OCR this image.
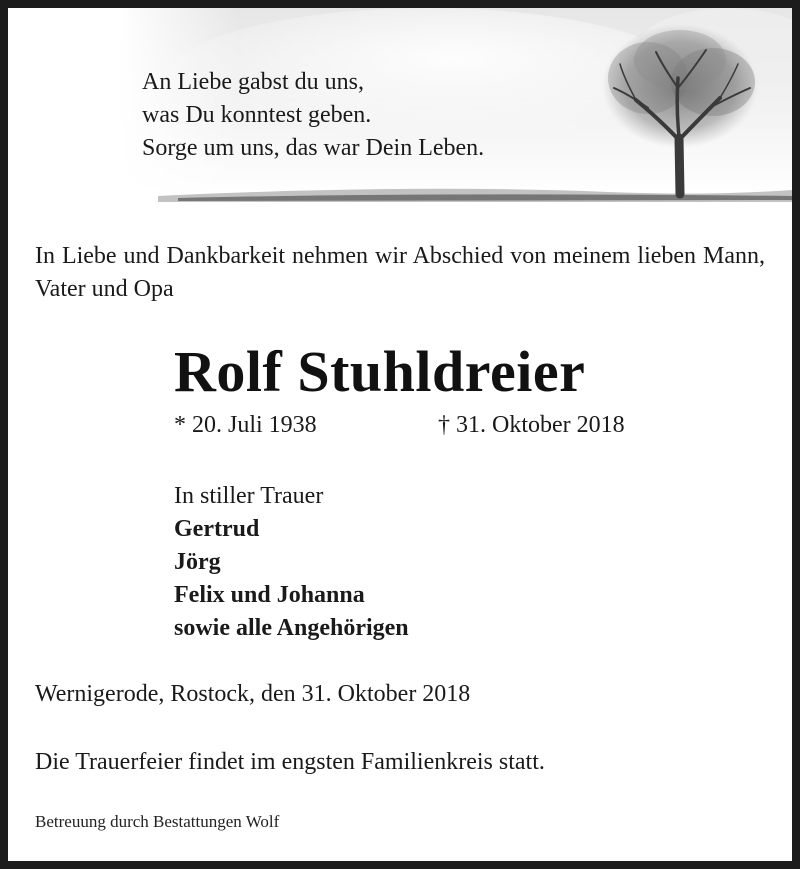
An Liebe gabst du uns,
was Du konntest geben.
Sorge um uns, das war Dein Leben.
In Liebe und Dankbarkeit nehmen wir Abschied von meinem lieben Mann, Vater und Opa
Rolf Stuhldreier
* 20. Juli 1938	† 31. Oktober 2018
In stiller Trauer
Gertrud
Jörg
Felix und Johanna
sowie alle Angehörigen
Wernigerode, Rostock, den 31. Oktober 2018
Die Trauerfeier findet im engsten Familienkreis statt.
Betreuung durch Bestattungen Wolf
